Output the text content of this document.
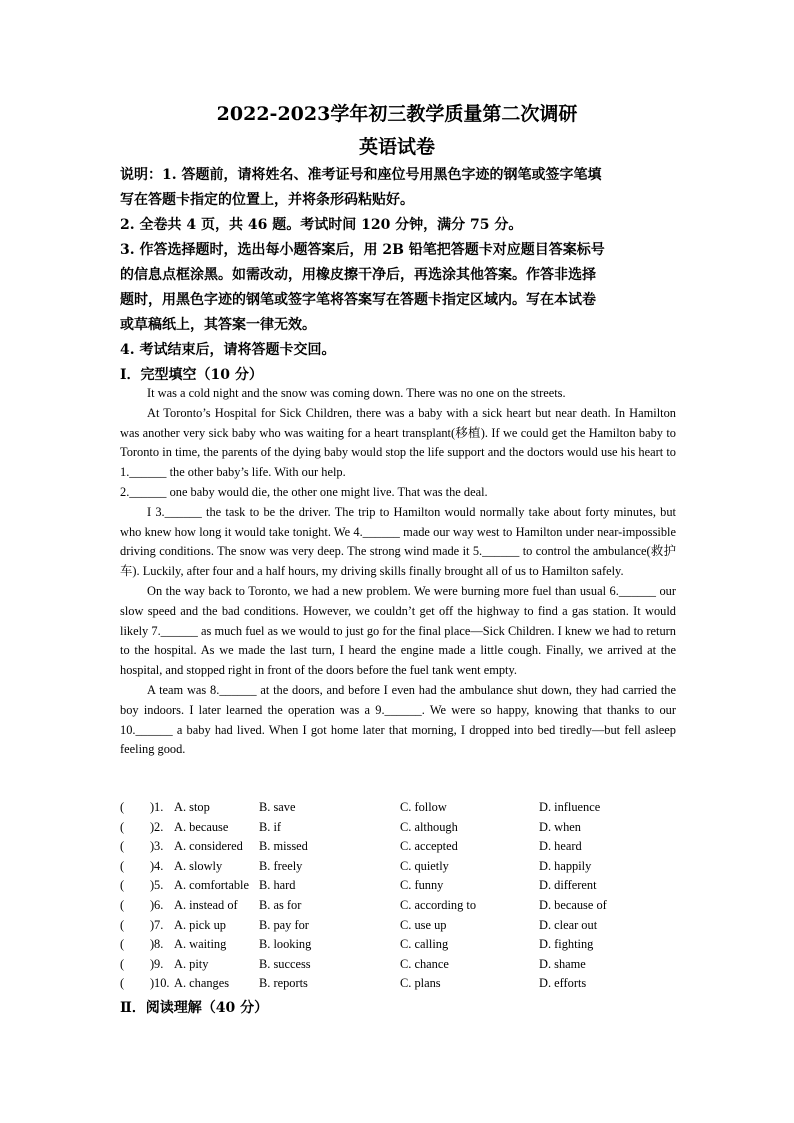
2022-2023学年初三教学质量第二次调研
英语试卷
说明：1. 答题前，请将姓名、准考证号和座位号用黑色字迹的钢笔或签字笔填
写在答题卡指定的位置上，并将条形码粘贴好。
2. 全卷共 4 页，共 46 题。考试时间 120 分钟，满分 75 分。
3. 作答选择题时，选出每小题答案后，用 2B 铅笔把答题卡对应题目答案标号
的信息点框涂黑。如需改动，用橡皮擦干净后，再选涂其他答案。作答非选择
题时，用黑色字迹的钢笔或签字笔将答案写在答题卡指定区域内。写在本试卷
或草稿纸上，其答案一律无效。
4. 考试结束后，请将答题卡交回。
Ⅰ．完型填空（10 分）

It was a cold night and the snow was coming down. There was no one on the streets.

At Toronto’s Hospital for Sick Children, there was a baby with a sick heart but near death. In Hamilton was another very sick baby who was waiting for a heart transplant(移植). If we could get the Hamilton baby to Toronto in time, the parents of the dying baby would stop the life support and the doctors would use his heart to 1.______ the other baby’s life. With our help.

2.______ one baby would die, the other one might live. That was the deal.

I 3.______ the task to be the driver. The trip to Hamilton would normally take about forty minutes, but who knew how long it would take tonight. We 4.______ made our way west to Hamilton under near-impossible driving conditions. The snow was very deep. The strong wind made it 5.______ to control the ambulance(救护车). Luckily, after four and a half hours, my driving skills finally brought all of us to Hamilton safely.

On the way back to Toronto, we had a new problem. We were burning more fuel than usual 6.______ our slow speed and the bad conditions. However, we couldn’t get off the highway to find a gas station. It would likely 7.______ as much fuel as we would to just go for the final place—Sick Children. I knew we had to return to the hospital. As we made the last turn, I heard the engine made a little cough. Finally, we arrived at the hospital, and stopped right in front of the doors before the fuel tank went empty.

A team was 8.______ at the doors, and before I even had the ambulance shut down, they had carried the boy indoors. I later learned the operation was a 9.______. We were so happy, knowing that thanks to our 10.______ a baby had lived. When I got home later that morning, I dropped into bed tiredly—but fell asleep feeling good.

( ) 1. A. stop	B. save	C. follow	D. influence
( ) 2. A. because B. if	C. although	D. when
( ) 3. A. considered B. missed	C. accepted	D. heard
( ) 4. A. slowly	B. freely	C. quietly	D. happily
( ) 5. A. comfortable B. hard	C. funny	D. different
( ) 6. A. instead of B. as for	C. according to	D. because of
( ) 7. A. pick up	B. pay for	C. use up	D. clear out
( ) 8. A. waiting	B. looking	C. calling	D. fighting
( ) 9. A. pity	B. success	C. chance	D. shame
( ) 10. A. changes B. reports	C. plans	D. efforts
Ⅱ．阅读理解（40 分）
